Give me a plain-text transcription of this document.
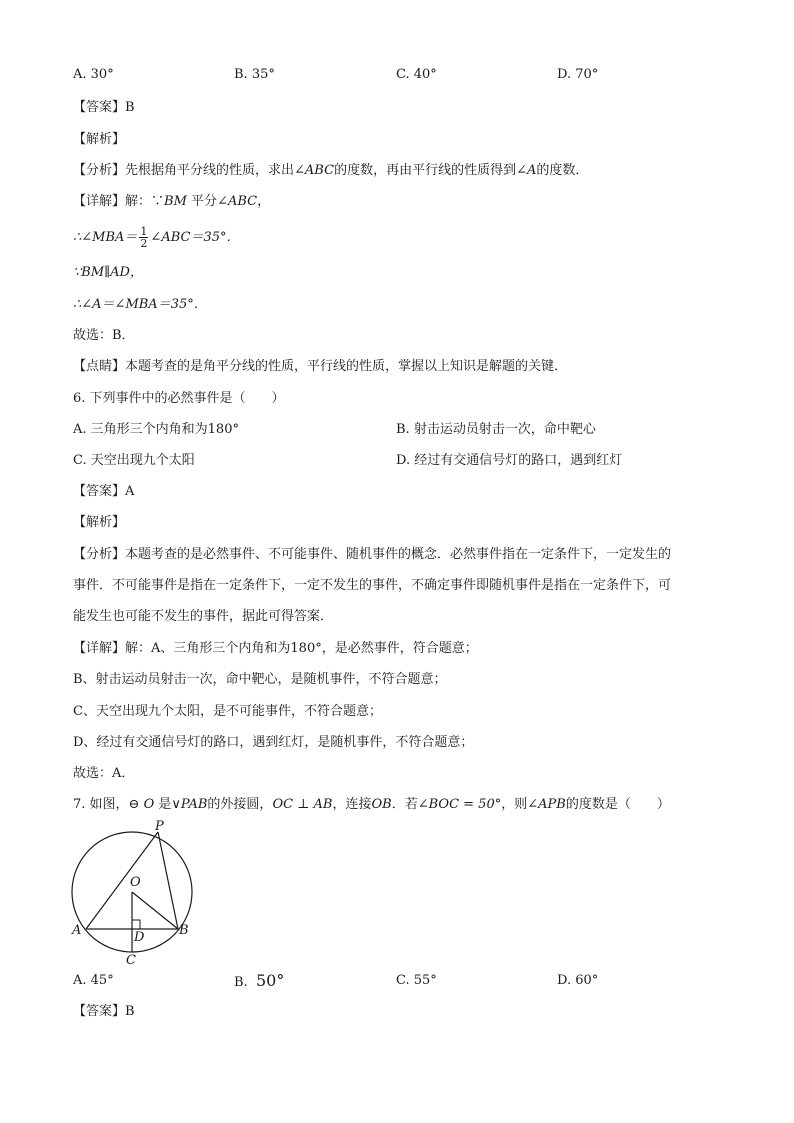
A. 30°	B. 35°	C. 40°	D. 70°
【答案】B
【解析】
【分析】先根据角平分线的性质，求出∠ABC的度数，再由平行线的性质得到∠A的度数．
【详解】解：∵BM 平分∠ABC，
∴∠MBA＝ $\frac{1}{2}$ ∠ABC＝35°．
∵BM∥AD，
∴∠A＝∠MBA＝35°．
故选：B．
【点睛】本题考查的是角平分线的性质，平行线的性质，掌握以上知识是解题的关键．
6. 下列事件中的必然事件是（　　）
A. 三角形三个内角和为180°	B. 射击运动员射击一次，命中靶心
C. 天空出现九个太阳	D. 经过有交通信号灯的路口，遇到红灯
【答案】A
【解析】
【分析】本题考查的是必然事件、不可能事件、随机事件的概念．必然事件指在一定条件下，一定发生的
事件．不可能事件是指在一定条件下，一定不发生的事件，不确定事件即随机事件是指在一定条件下，可
能发生也可能不发生的事件，据此可得答案．
【详解】解：A、三角形三个内角和为180°，是必然事件，符合题意；
B、射击运动员射击一次，命中靶心，是随机事件，不符合题意；
C、天空出现九个太阳，是不可能事件，不符合题意；
D、经过有交通信号灯的路口，遇到红灯，是随机事件，不符合题意；
故选：A．
7. 如图，⊖ O 是∨PAB的外接圆，OC ⊥ AB，连接OB．若∠BOC = 50°，则∠APB的度数是（　　）
P
O
A	B
D
C
A. 45°	B. 50°	C. 55°	D. 60°
【答案】B
